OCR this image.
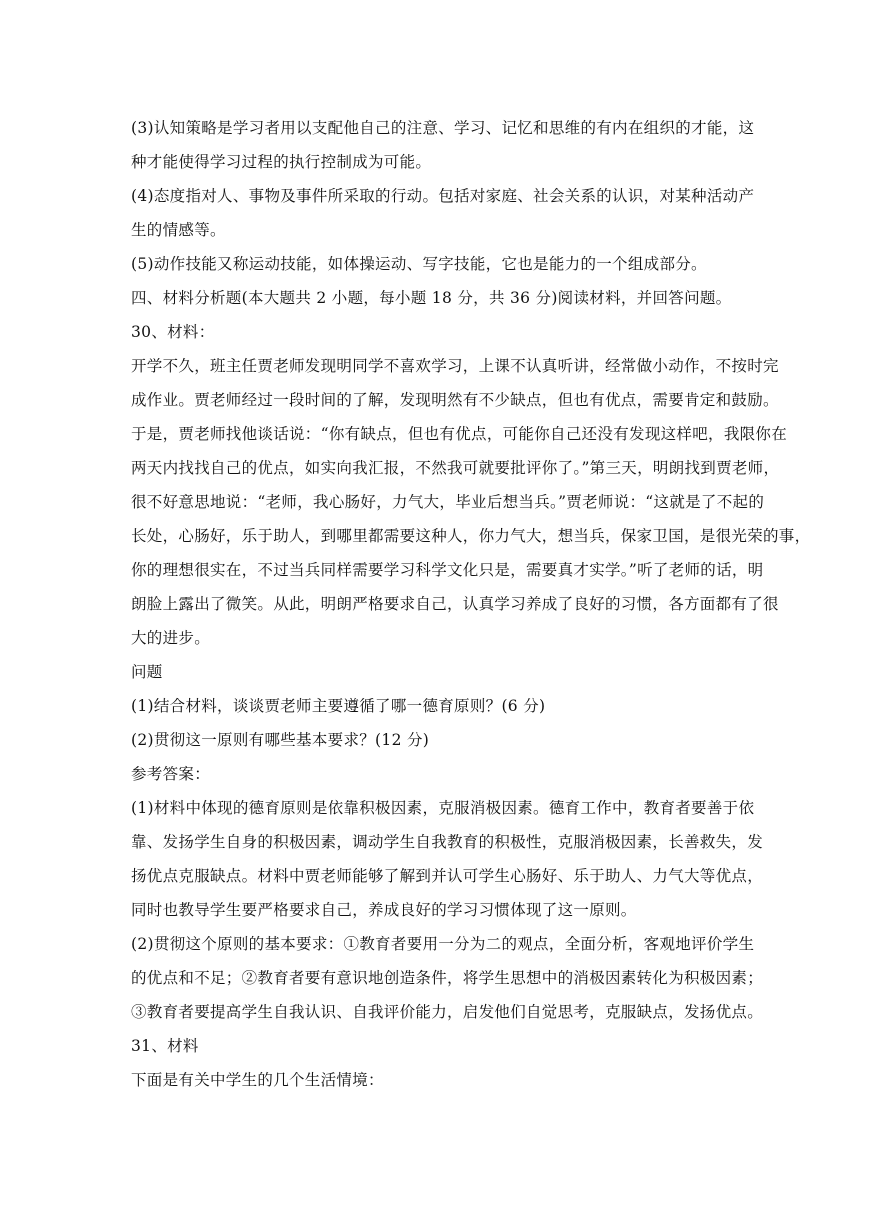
(3)认知策略是学习者用以支配他自己的注意、学习、记忆和思维的有内在组织的才能，这
种才能使得学习过程的执行控制成为可能。
(4)态度指对人、事物及事件所采取的行动。包括对家庭、社会关系的认识，对某种活动产
生的情感等。
(5)动作技能又称运动技能，如体操运动、写字技能，它也是能力的一个组成部分。
四、材料分析题(本大题共 2 小题，每小题 18 分，共 36 分)阅读材料，并回答问题。
30、材料：
开学不久，班主任贾老师发现明同学不喜欢学习，上课不认真听讲，经常做小动作，不按时完
成作业。贾老师经过一段时间的了解，发现明然有不少缺点，但也有优点，需要肯定和鼓励。
于是，贾老师找他谈话说：“你有缺点，但也有优点，可能你自己还没有发现这样吧，我限你在
两天内找找自己的优点，如实向我汇报，不然我可就要批评你了。”第三天，明朗找到贾老师，
很不好意思地说：“老师，我心肠好，力气大，毕业后想当兵。”贾老师说：“这就是了不起的
长处，心肠好，乐于助人，到哪里都需要这种人，你力气大，想当兵，保家卫国，是很光荣的事，
你的理想很实在，不过当兵同样需要学习科学文化只是，需要真才实学。”听了老师的话，明
朗脸上露出了微笑。从此，明朗严格要求自己，认真学习养成了良好的习惯，各方面都有了很
大的进步。
问题
(1)结合材料，谈谈贾老师主要遵循了哪一德育原则？(6 分)
(2)贯彻这一原则有哪些基本要求？(12 分)
参考答案：
(1)材料中体现的德育原则是依靠积极因素，克服消极因素。德育工作中，教育者要善于依
靠、发扬学生自身的积极因素，调动学生自我教育的积极性，克服消极因素，长善救失，发
扬优点克服缺点。材料中贾老师能够了解到并认可学生心肠好、乐于助人、力气大等优点，
同时也教导学生要严格要求自己，养成良好的学习习惯体现了这一原则。
(2)贯彻这个原则的基本要求：①教育者要用一分为二的观点，全面分析，客观地评价学生
的优点和不足；②教育者要有意识地创造条件，将学生思想中的消极因素转化为积极因素；
③教育者要提高学生自我认识、自我评价能力，启发他们自觉思考，克服缺点，发扬优点。
31、材料
下面是有关中学生的几个生活情境：
